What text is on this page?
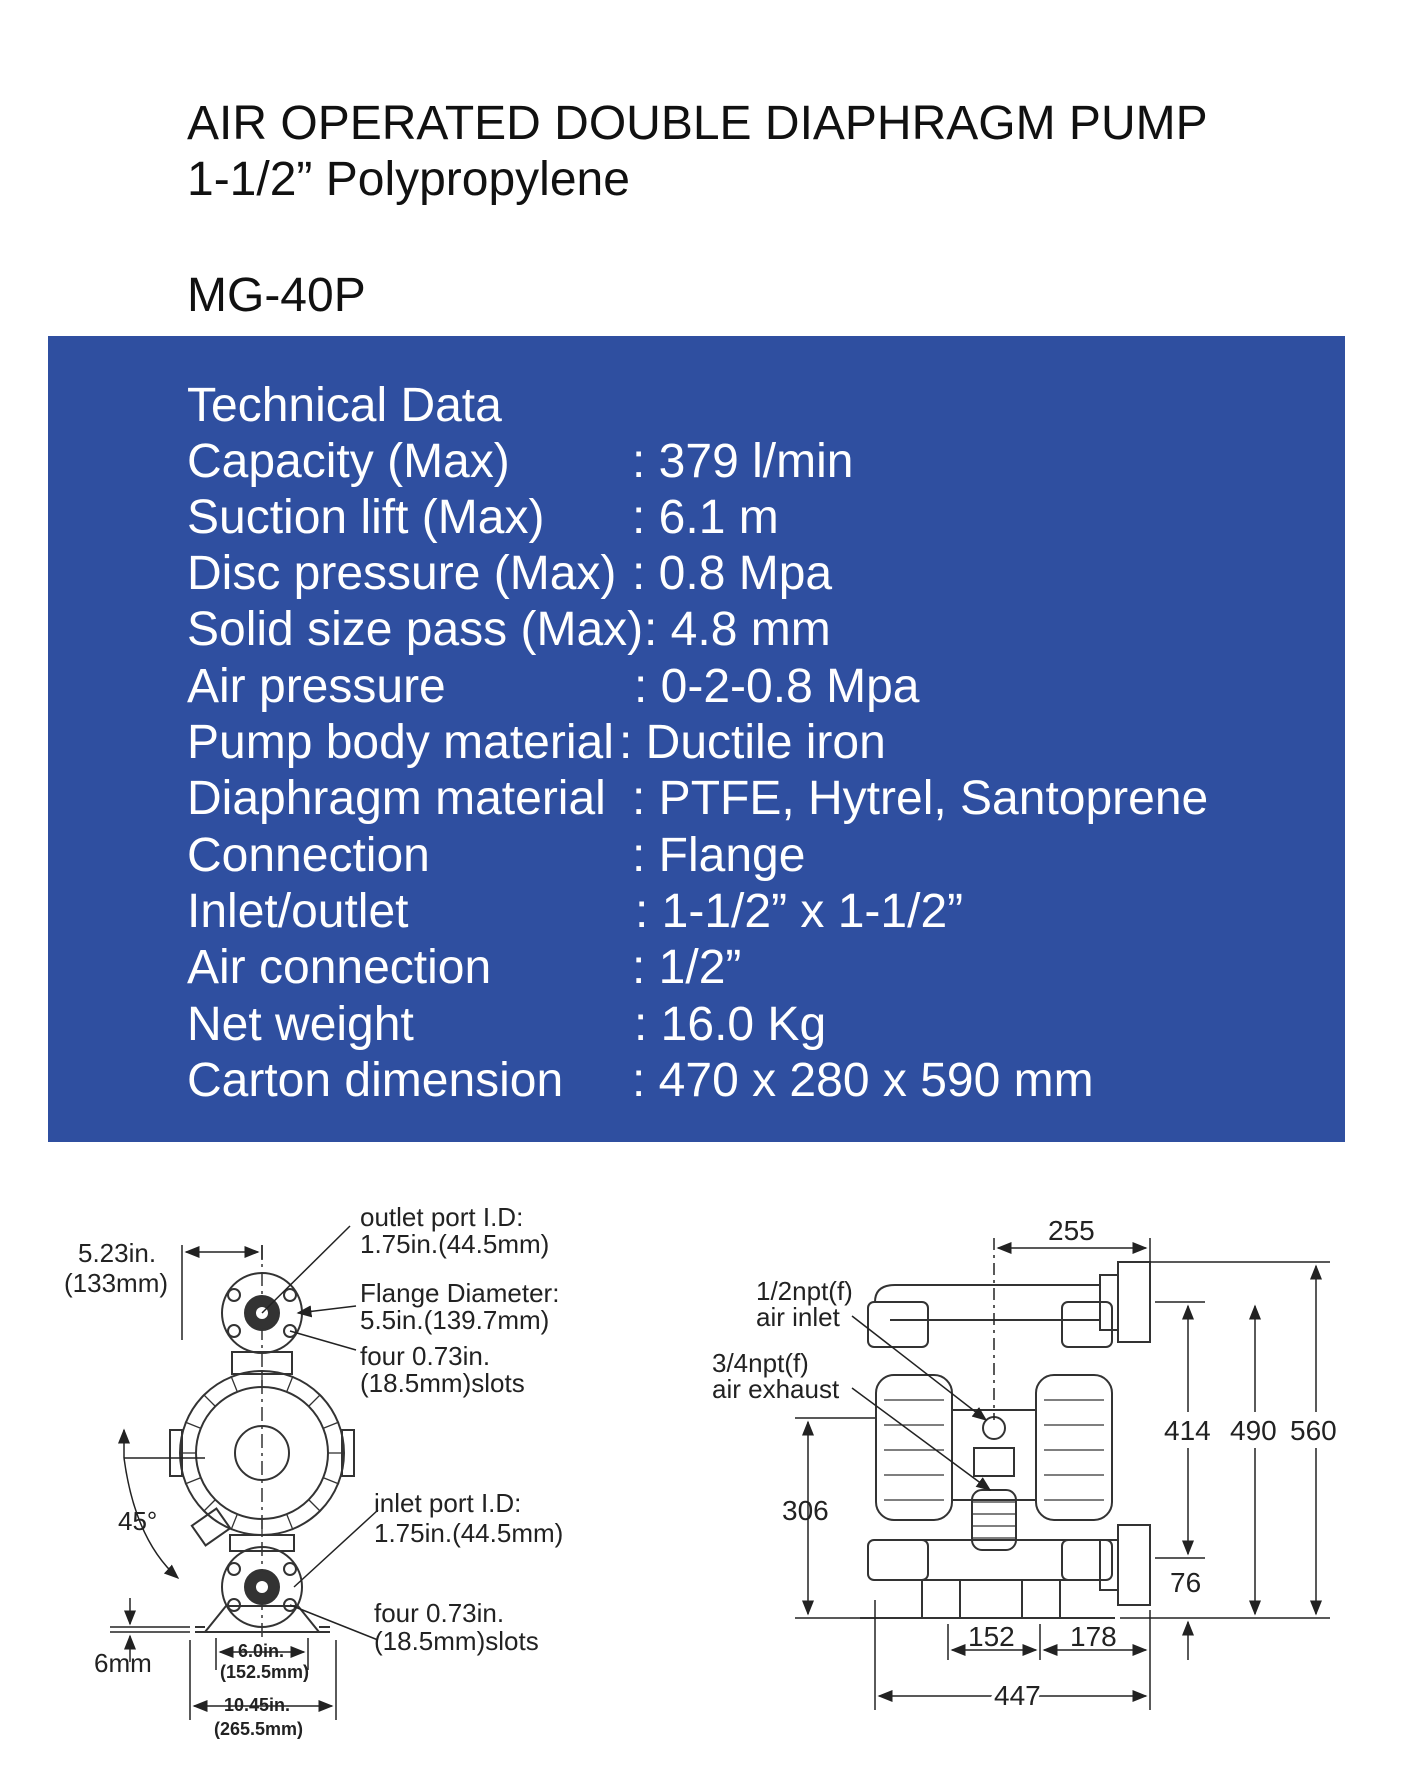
AIR OPERATED DOUBLE DIAPHRAGM PUMP
1-1/2” Polypropylene
MG-40P
Technical Data
Capacity (Max)	: 379 l/min
Suction lift (Max) : 6.1 m
Disc pressure (Max) : 0.8 Mpa
Solid size pass (Max) : 4.8 mm
Air pressure	: 0-2-0.8 Mpa
Pump body material : Ductile iron
Diaphragm material : PTFE, Hytrel, Santoprene
Connection	: Flange
Inlet/outlet	: 1-1/2” x 1-1/2”
Air connection	: 1/2”
Net weight	: 16.0 Kg
Carton dimension : 470 x 280 x 590 mm
5.23in.
(133mm)
outlet port I.D:
1.75in.(44.5mm)
Flange Diameter:
5.5in.(139.7mm)
four 0.73in.
(18.5mm)slots
45°
inlet port I.D:
1.75in.(44.5mm)
four 0.73in.
(18.5mm)slots
6mm	6.0in.
(152.5mm)
10.45in.
(265.5mm)
255
1/2npt(f)
air inlet
3/4npt(f)
air exhaust
306
414 490 560
76
152 178
447
